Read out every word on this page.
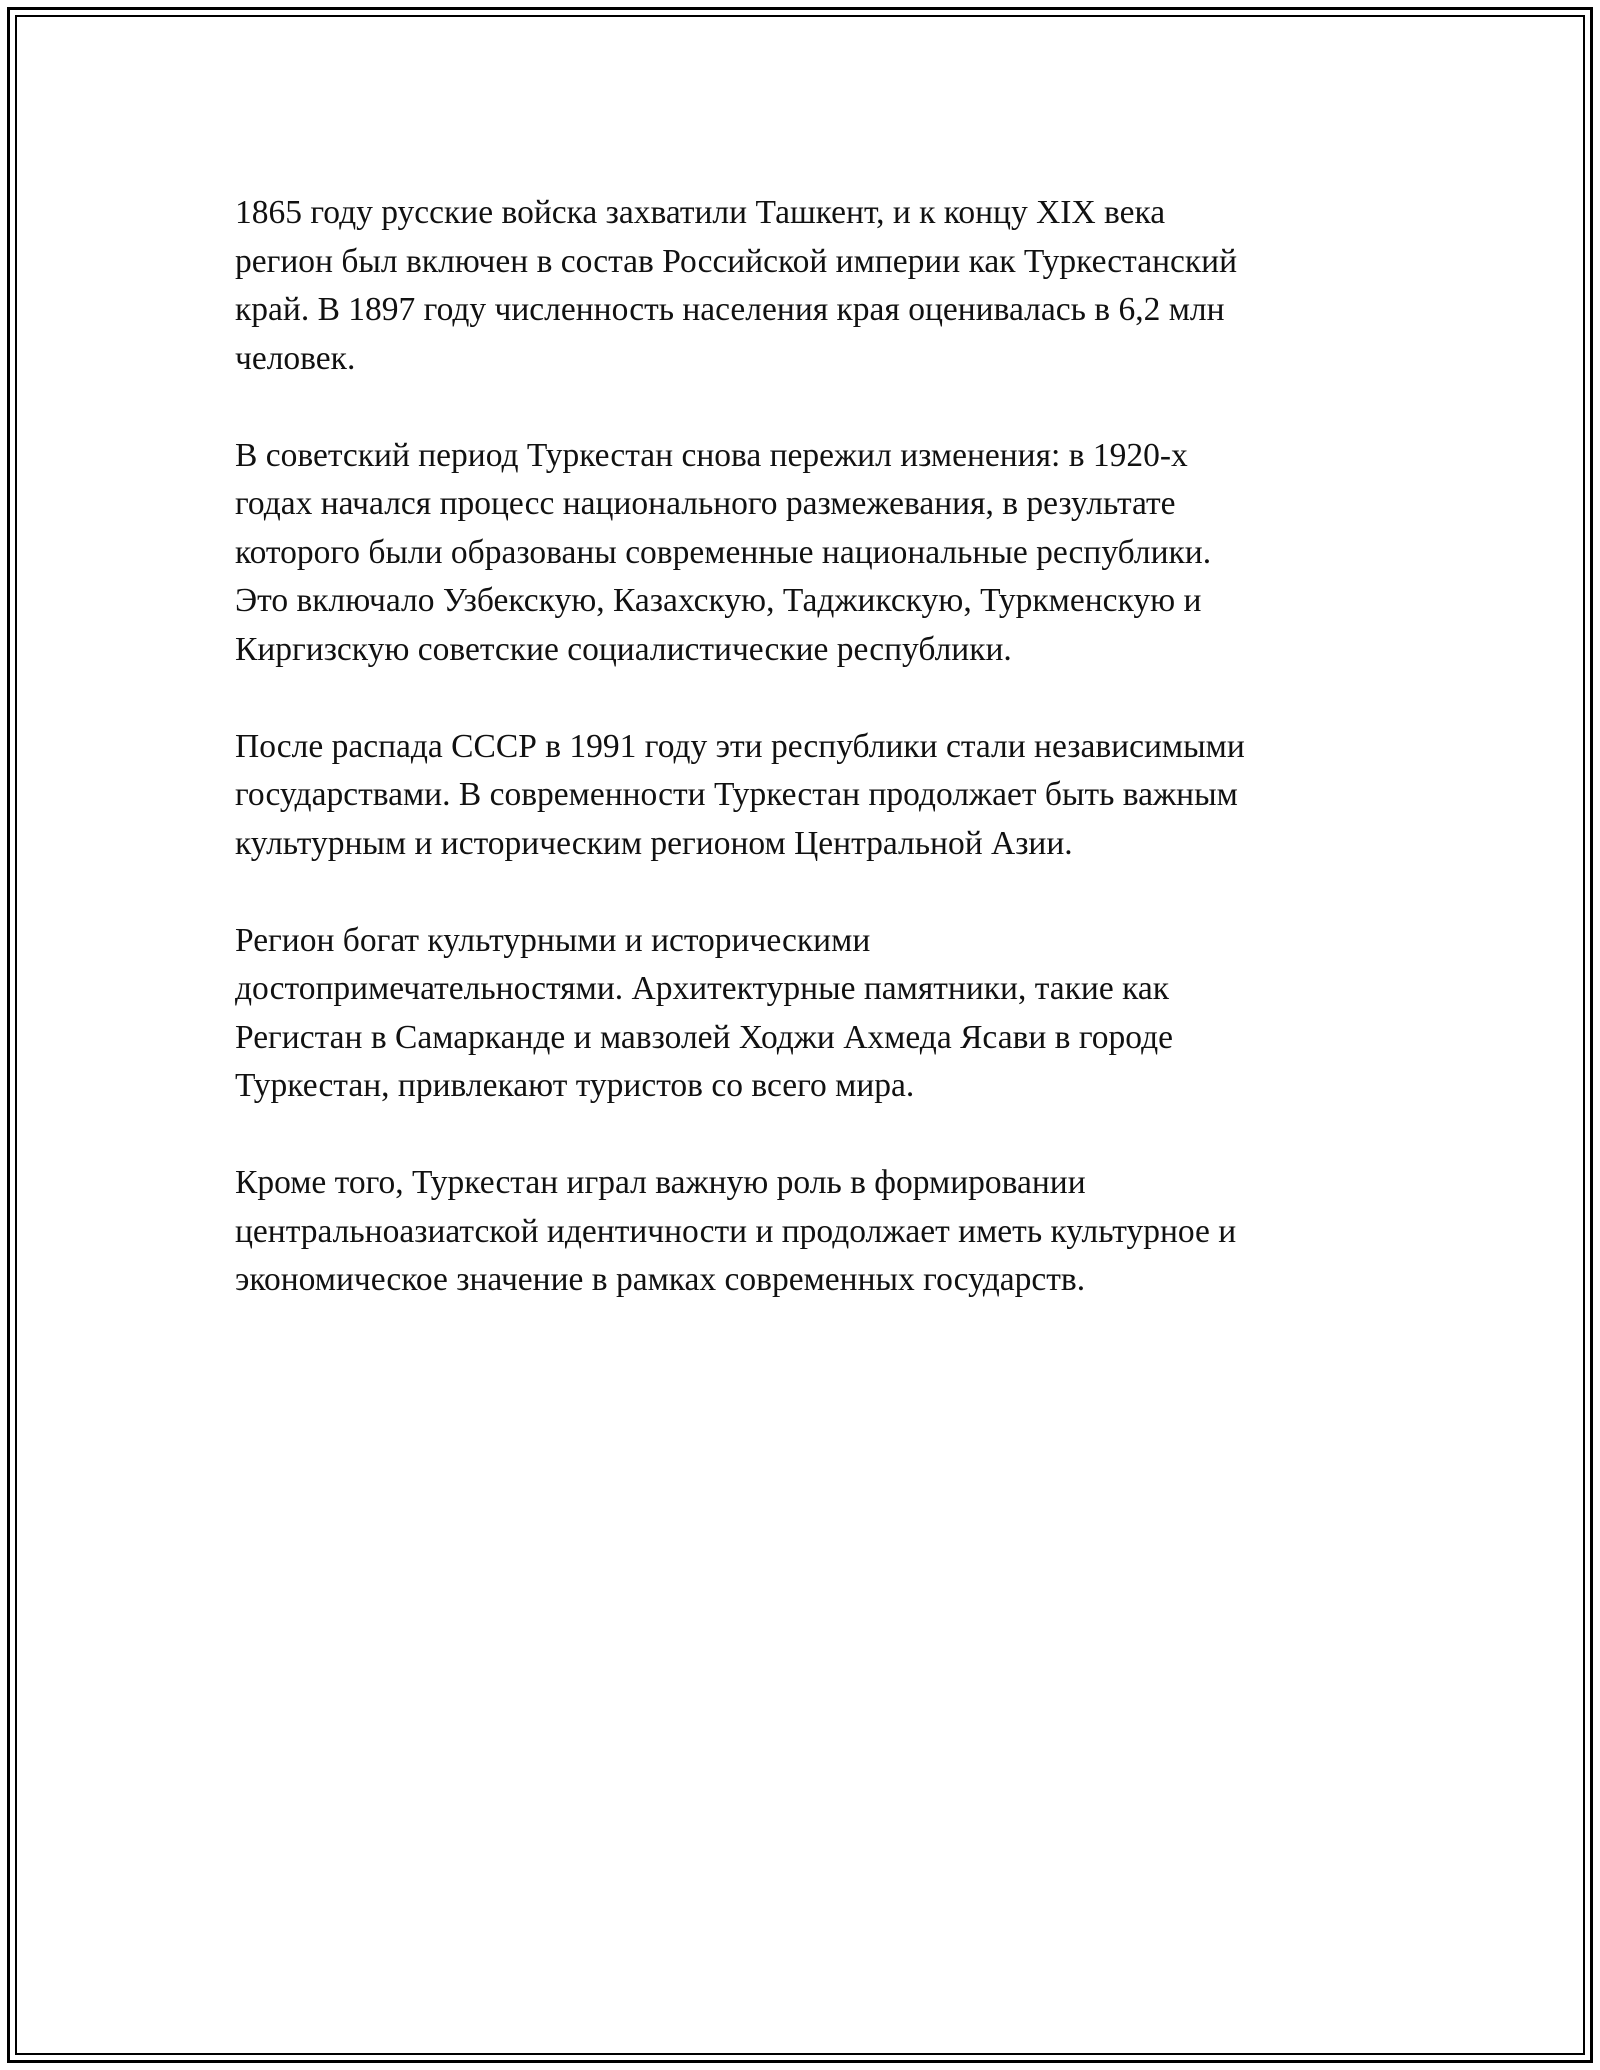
1865 году русские войска захватили Ташкент, и к концу XIX века
регион был включен в состав Российской империи как Туркестанский
край. В 1897 году численность населения края оценивалась в 6,2 млн
человек.

В советский период Туркестан снова пережил изменения: в 1920-х
годах начался процесс национального размежевания, в результате
которого были образованы современные национальные республики.
Это включало Узбекскую, Казахскую, Таджикскую, Туркменскую и
Киргизскую советские социалистические республики.

После распада СССР в 1991 году эти республики стали независимыми
государствами. В современности Туркестан продолжает быть важным
культурным и историческим регионом Центральной Азии.

Регион богат культурными и историческими
достопримечательностями. Архитектурные памятники, такие как
Регистан в Самарканде и мавзолей Ходжи Ахмеда Ясави в городе
Туркестан, привлекают туристов со всего мира.

Кроме того, Туркестан играл важную роль в формировании
центральноазиатской идентичности и продолжает иметь культурное и
экономическое значение в рамках современных государств.
